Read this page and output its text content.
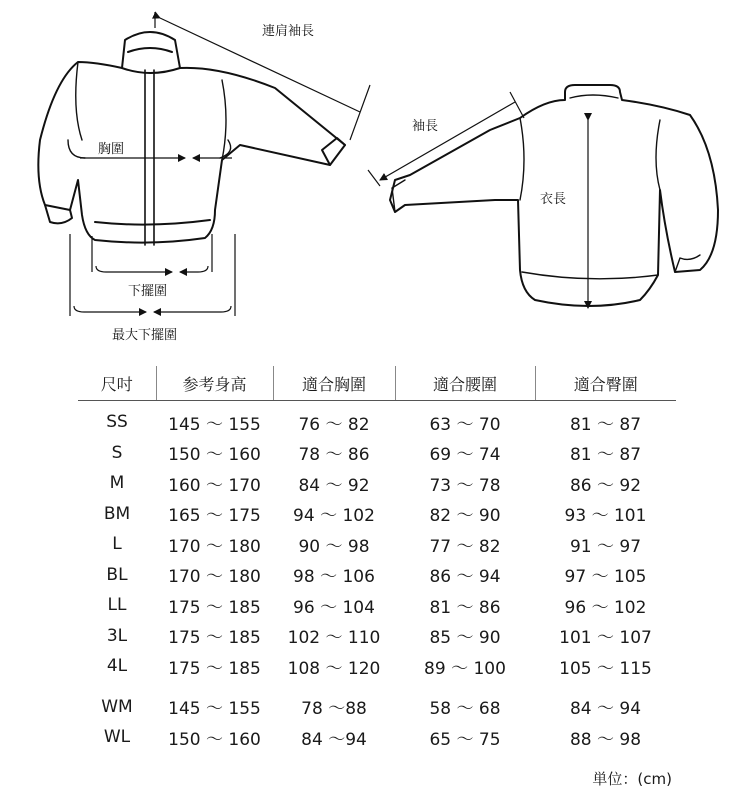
連肩袖長
胸圍
下擺圍
最大下擺圍
袖長
衣長
尺吋	参考身高	適合胸圍	適合腰圍	適合臀圍
SS	145 ～ 155	76 ～ 82	63 ～ 70	81 ～ 87
S	150 ～ 160	78 ～ 86	69 ～ 74	81 ～ 87
M	160 ～ 170	84 ～ 92	73 ～ 78	86 ～ 92
BM	165 ～ 175	94 ～ 102	82 ～ 90	93 ～ 101
L	170 ～ 180	90 ～ 98	77 ～ 82	91 ～ 97
BL	170 ～ 180	98 ～ 106	86 ～ 94	97 ～ 105
LL	175 ～ 185	96 ～ 104	81 ～ 86	96 ～ 102
3L	175 ～ 185	102 ～ 110	85 ～ 90	101 ～ 107
4L	175 ～ 185	108 ～ 120	89 ～ 100	105 ～ 115

WM	145 ～ 155	78 ～88	58 ～ 68	84 ～ 94
WL	150 ～ 160	84 ～94	65 ～ 75	88 ～ 98
単位：(cm)
